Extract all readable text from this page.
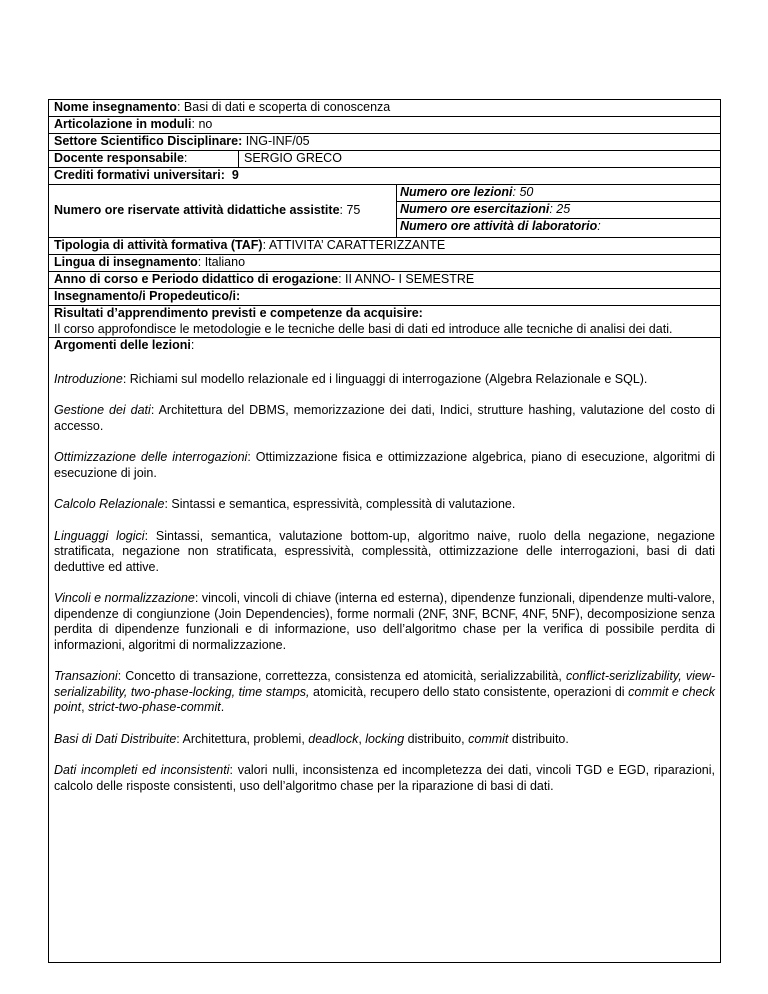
Nome insegnamento: Basi di dati e scoperta di conoscenza
Articolazione in moduli: no
Settore Scientifico Disciplinare: ING-INF/05
Docente responsabile:	SERGIO GRECO
Crediti formativi universitari:  9
Numero ore riservate attività didattiche assistite : 75
Numero ore lezioni: 50
Numero ore esercitazioni: 25
Numero ore attività di laboratorio:
Tipologia di attività formativa (TAF): ATTIVITA’ CARATTERIZZANTE
Lingua di insegnamento: Italiano
Anno di corso e Periodo didattico di erogazione: II ANNO- I SEMESTRE
Insegnamento/i Propedeutico/i:
Risultati d’apprendimento previsti e competenze da acquisire:
Il corso approfondisce le metodologie e le tecniche delle basi di dati ed introduce alle tecniche di analisi dei dati.
Argomenti delle lezioni:

Introduzione: Richiami sul modello relazionale ed i linguaggi di interrogazione (Algebra Relazionale e SQL).

Gestione dei dati: Architettura del DBMS, memorizzazione dei dati, Indici, strutture hashing, valutazione del costo di accesso.

Ottimizzazione delle interrogazioni: Ottimizzazione fisica e ottimizzazione algebrica, piano di esecuzione, algoritmi di esecuzione di join.

Calcolo Relazionale: Sintassi e semantica, espressività, complessità di valutazione.

Linguaggi logici: Sintassi, semantica, valutazione bottom-up, algoritmo naive, ruolo della negazione, negazione stratificata, negazione non stratificata, espressività, complessità, ottimizzazione delle interrogazioni, basi di dati deduttive ed attive.

Vincoli e normalizzazione: vincoli, vincoli di chiave (interna ed esterna), dipendenze funzionali, dipendenze multi-valore, dipendenze di congiunzione (Join Dependencies), forme normali (2NF, 3NF, BCNF, 4NF, 5NF), decomposizione senza perdita di dipendenze funzionali e di informazione, uso dell’algoritmo chase per la verifica di possibile perdita di informazioni, algoritmi di normalizzazione.

Transazioni: Concetto di transazione, correttezza, consistenza ed atomicità, serializzabilità, conflict-serizlizability, view-serializability, two-phase-locking, time stamps, atomicità, recupero dello stato consistente, operazioni di commit e check point, strict-two-phase-commit.

Basi di Dati Distribuite: Architettura, problemi, deadlock, locking distribuito, commit distribuito.

Dati incompleti ed inconsistenti: valori nulli, inconsistenza ed incompletezza dei dati, vincoli TGD e EGD, riparazioni, calcolo delle risposte consistenti, uso dell’algoritmo chase per la riparazione di basi di dati.
